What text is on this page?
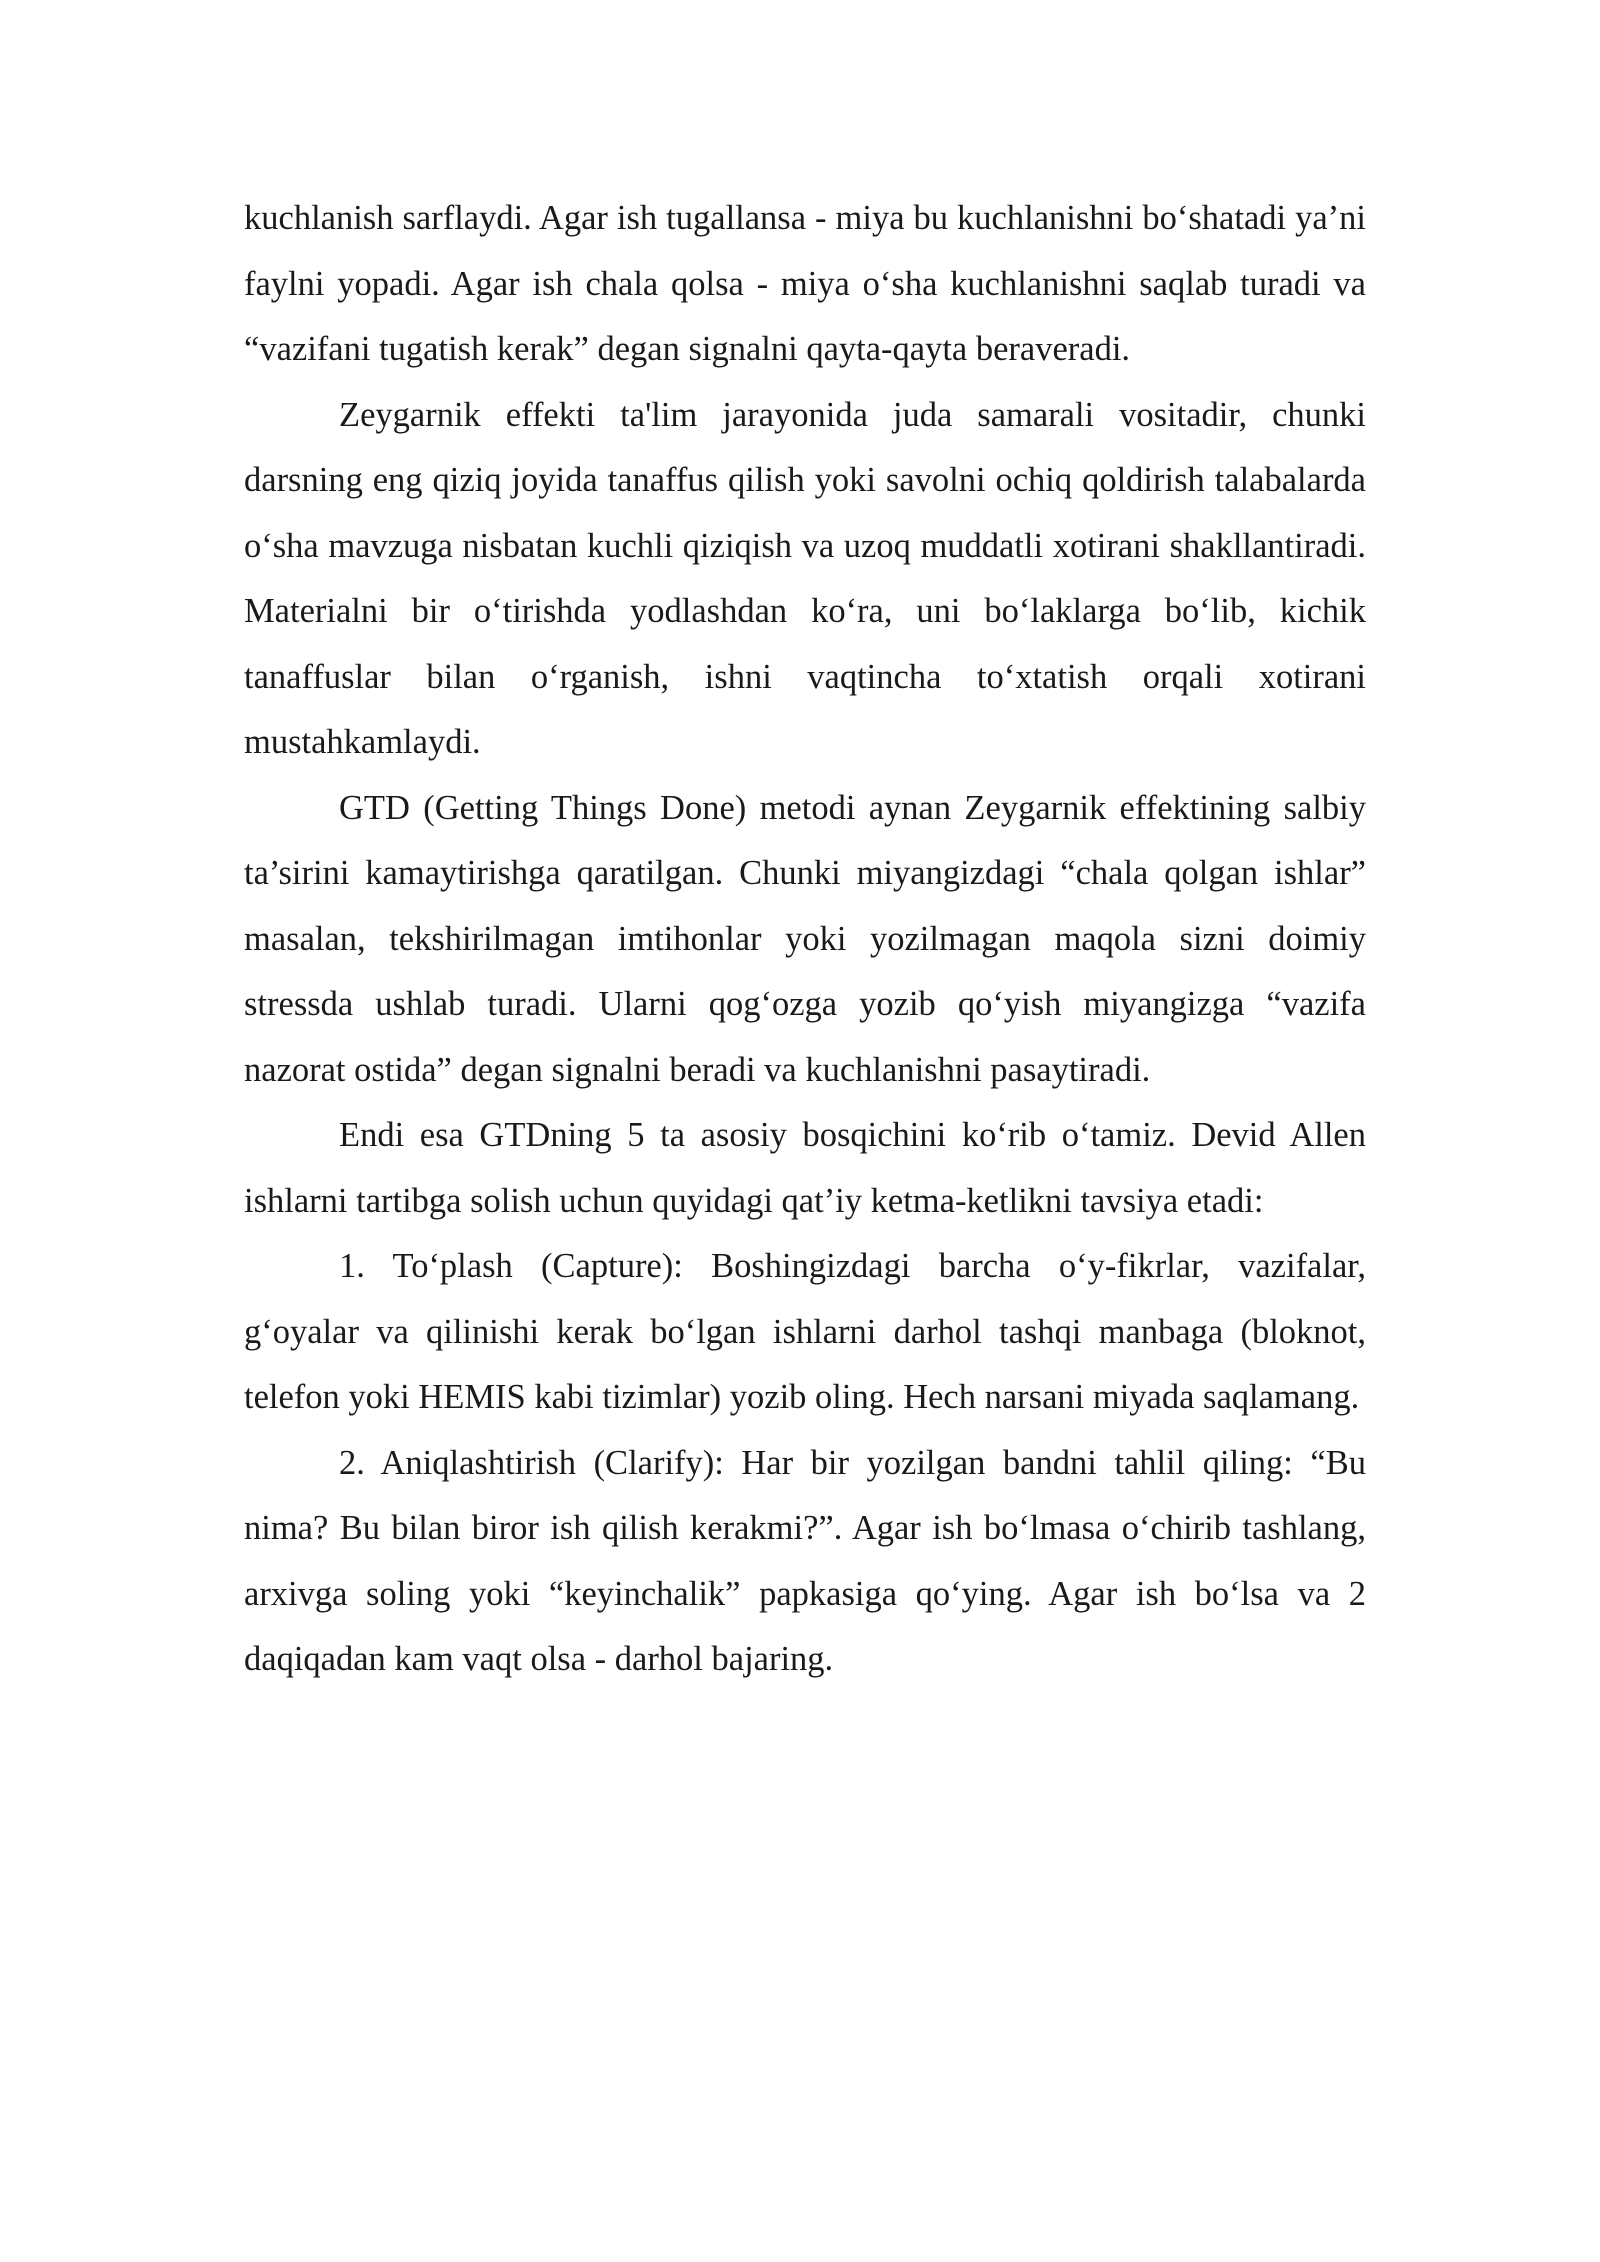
kuchlanish sarflaydi. Agar ish tugallansa - miya bu kuchlanishni bo‘shatadi ya’ni faylni yopadi. Agar ish chala qolsa - miya o‘sha kuchlanishni saqlab turadi va “vazifani tugatish kerak” degan signalni qayta-qayta beraveradi.

Zeygarnik effekti ta'lim jarayonida juda samarali vositadir, chunki darsning eng qiziq joyida tanaffus qilish yoki savolni ochiq qoldirish talabalarda o‘sha mavzuga nisbatan kuchli qiziqish va uzoq muddatli xotirani shakllantiradi. Materialni bir o‘tirishda yodlashdan ko‘ra, uni bo‘laklarga bo‘lib, kichik tanaffuslar bilan o‘rganish, ishni vaqtincha to‘xtatish orqali xotirani mustahkamlaydi.

GTD (Getting Things Done) metodi aynan Zeygarnik effektining salbiy ta’sirini kamaytirishga qaratilgan. Chunki miyangizdagi “chala qolgan ishlar” masalan, tekshirilmagan imtihonlar yoki yozilmagan maqola sizni doimiy stressda ushlab turadi. Ularni qog‘ozga yozib qo‘yish miyangizga “vazifa nazorat ostida” degan signalni beradi va kuchlanishni pasaytiradi.

Endi esa GTDning 5 ta asosiy bosqichini ko‘rib o‘tamiz. Devid Allen ishlarni tartibga solish uchun quyidagi qat’iy ketma-ketlikni tavsiya etadi:

1. To‘plash (Capture): Boshingizdagi barcha o‘y-fikrlar, vazifalar, g‘oyalar va qilinishi kerak bo‘lgan ishlarni darhol tashqi manbaga (bloknot, telefon yoki HEMIS kabi tizimlar) yozib oling. Hech narsani miyada saqlamang.

2. Aniqlashtirish (Clarify): Har bir yozilgan bandni tahlil qiling: “Bu nima? Bu bilan biror ish qilish kerakmi?”. Agar ish bo‘lmasa o‘chirib tashlang, arxivga soling yoki “keyinchalik” papkasiga qo‘ying. Agar ish bo‘lsa va 2 daqiqadan kam vaqt olsa - darhol bajaring.
